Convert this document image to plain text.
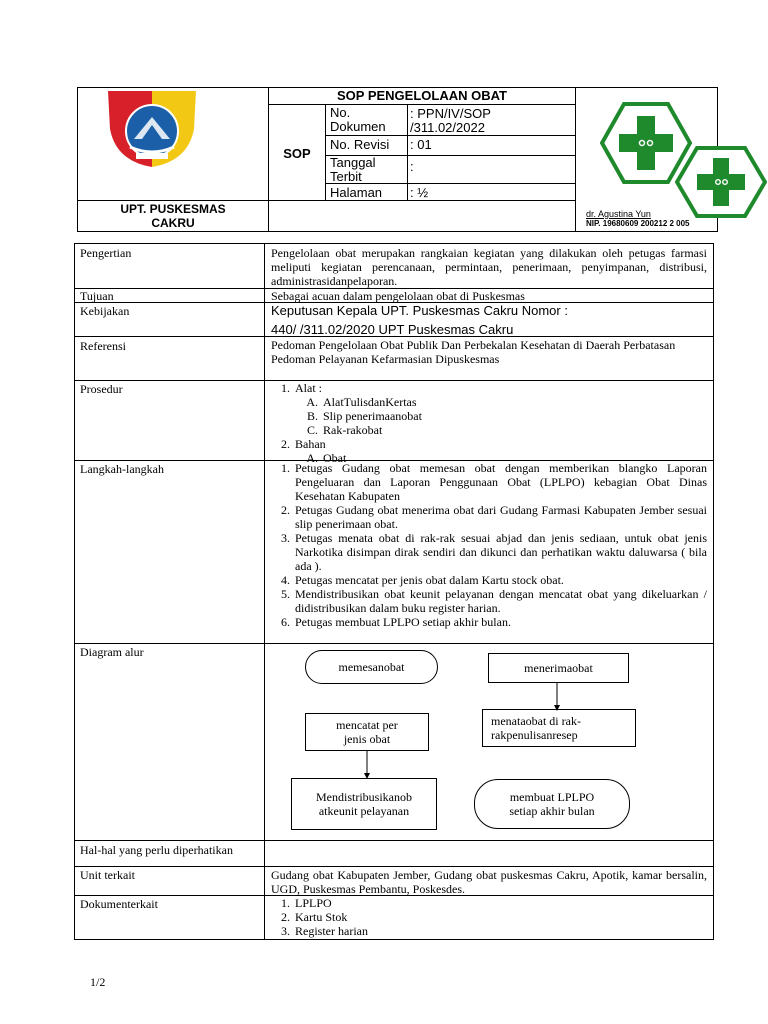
SOP PENGELOLAAN OBAT
SOP
No. Dokumen
: PPN/IV/SOP /311.02/2022
No. Revisi : 01
Tanggal Terbit
:
Halaman : ½
UPT. PUSKESMAS CAKRU
dr. Agustina Yun
NIP. 19680609 200212 2 005
Pengertian
Tujuan
Kebijakan
Referensi
Prosedur
Langkah-langkah
Diagram alur
Hal-hal yang perlu diperhatikan
Unit terkait
Dokumenterkait
Pengelolaan obat merupakan rangkaian kegiatan yang dilakukan oleh petugas farmasi meliputi kegiatan perencanaan, permintaan, penerimaan, penyimpanan, distribusi, administrasidanpelaporan.
Sebagai acuan dalam pengelolaan obat di Puskesmas
Keputusan Kepala UPT. Puskesmas Cakru Nomor :
440/ /311.02/2020 UPT Puskesmas Cakru
Pedoman Pengelolaan Obat Publik Dan Perbekalan Kesehatan di Daerah Perbatasan
Pedoman Pelayanan Kefarmasian Dipuskesmas
1. Alat :
A. AlatTulisdanKertas
B. Slip penerimaanobat
C. Rak-rakobat
2. Bahan
A. Obat
1. Petugas Gudang obat memesan obat dengan memberikan blangko Laporan Pengeluaran dan Laporan Penggunaan Obat (LPLPO) kebagian Obat Dinas Kesehatan Kabupaten
2. Petugas Gudang obat menerima obat dari Gudang Farmasi Kabupaten Jember sesuai slip penerimaan obat.
3. Petugas menata obat di rak-rak sesuai abjad dan jenis sediaan, untuk obat jenis Narkotika disimpan dirak sendiri dan dikunci dan perhatikan waktu daluwarsa ( bila ada ).
4. Petugas mencatat per jenis obat dalam Kartu stock obat.
5. Mendistribusikan obat keunit pelayanan dengan mencatat obat yang dikeluarkan / didistribusikan dalam buku register harian.
6. Petugas membuat LPLPO setiap akhir bulan.
memesanobat	menerimaobat
menataobat di rak-rakpenulisanresep
mencatat per jenis obat
Mendistribusikanob atkeunit pelayanan
membuat LPLPO setiap akhir bulan
Gudang obat Kabupaten Jember, Gudang obat puskesmas Cakru, Apotik, kamar bersalin, UGD, Puskesmas Pembantu, Poskesdes.
1. LPLPO
2. Kartu Stok
3. Register harian
1/2
